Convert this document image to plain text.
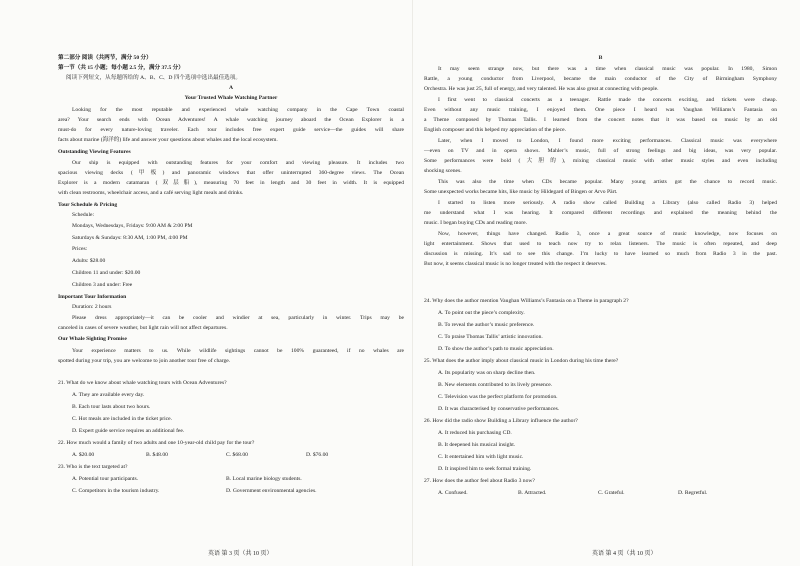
第二部分 阅读（共两节，满分 50 分）
第一节（共 15 小题；每小题 2.5 分，满分 37.5 分）
阅读下列短文，从每题所给的 A、B、C、D 四个选项中选出最佳选项。
A
Your Trusted Whale Watching Partner
Looking for the most reputable and experienced whale watching company in the Cape Town coastal
area? Your search ends with Ocean Adventures! A whale watching journey aboard the Ocean Explorer is a
must-do for every nature-loving traveler. Each tour includes free expert guide service—the guides will share
facts about marine (海洋的) life and answer your questions about whales and the local ecosystem.
Outstanding Viewing Features
Our ship is equipped with outstanding features for your comfort and viewing pleasure. It includes two
spacious viewing decks (甲板) and panoramic windows that offer uninterrupted 360-degree views. The Ocean
Explorer is a modern catamaran (双层船), measuring 70 feet in length and 30 feet in width. It is equipped
with clean restrooms, wheelchair access, and a café serving light meals and drinks.
Tour Schedule & Pricing
Schedule:
Mondays, Wednesdays, Fridays: 9:00 AM & 2:00 PM
Saturdays & Sundays: 8:30 AM, 1:00 PM, 4:00 PM
Prices:
Adults: $28.00
Children 11 and under: $20.00
Children 3 and under: Free
Important Tour Information
Duration: 2 hours
Please dress appropriately—it can be cooler and windier at sea, particularly in winter. Trips may be
canceled in cases of severe weather, but light rain will not affect departures.
Our Whale Sighting Promise
Your experience matters to us. While wildlife sightings cannot be 100% guaranteed, if no whales are
spotted during your trip, you are welcome to join another tour free of charge.
21. What do we know about whale watching tours with Ocean Adventures?
A. They are available every day.
B. Each tour lasts about two hours.
C. Hot meals are included in the ticket price.
D. Expert guide service requires an additional fee.
22. How much would a family of two adults and one 10-year-old child pay for the tour?
A. $20.00	B. $48.00	C. $68.00	D. $76.00
23. Who is the text targeted at?
A. Potential tour participants.	B. Local marine biology students.
C. Competitors in the tourism industry.	D. Government environmental agencies.
英语 第 3 页（共 10 页）
B
It may seem strange now, but there was a time when classical music was popular. In 1980, Simon
Rattle, a young conductor from Liverpool, became the main conductor of the City of Birmingham Symphony
Orchestra. He was just 25, full of energy, and very talented. He was also great at connecting with people.
I first went to classical concerts as a teenager. Rattle made the concerts exciting, and tickets were cheap.
Even without any music training, I enjoyed them. One piece I heard was Vaughan Williams’s Fantasia on
a Theme composed by Thomas Tallis. I learned from the concert notes that it was based on music by an old
English composer and this helped my appreciation of the piece.
Later, when I moved to London, I found more exciting performances. Classical music was everywhere
—even on TV and in opera shows. Mahler’s music, full of strong feelings and big ideas, was very popular.
Some performances were bold (大胆的), mixing classical music with other music styles and even including
shocking scenes.
This was also the time when CDs became popular. Many young artists got the chance to record music.
Some unexpected works became hits, like music by Hildegard of Bingen or Arvo Pärt.
I started to listen more seriously. A radio show called Building a Library (also called Radio 3) helped
me understand what I was hearing. It compared different recordings and explained the meaning behind the
music. I began buying CDs and reading more.
Now, however, things have changed. Radio 3, once a great source of music knowledge, now focuses on
light entertainment. Shows that used to teach now try to relax listeners. The music is often repeated, and deep
discussion is missing. It’s sad to see this change. I’m lucky to have learned so much from Radio 3 in the past.
But now, it seems classical music is no longer treated with the respect it deserves.
24. Why does the author mention Vaughan Williams’s Fantasia on a Theme in paragraph 2?
A. To point out the piece’s complexity.
B. To reveal the author’s music preference.
C. To praise Thomas Tallis’ artistic innovation.
D. To show the author’s path to music appreciation.
25. What does the author imply about classical music in London during his time there?
A. Its popularity was on sharp decline then.
B. New elements contributed to its lively presence.
C. Television was the perfect platform for promotion.
D. It was characterised by conservative performances.
26. How did the radio show Building a Library influence the author?
A. It reduced his purchasing CD.
B. It deepened his musical insight.
C. It entertained him with light music.
D. It inspired him to seek formal training.
27. How does the author feel about Radio 3 now?
A. Confused.	B. Attracted.	C. Grateful.	D. Regretful.
英语 第 4 页（共 10 页）
